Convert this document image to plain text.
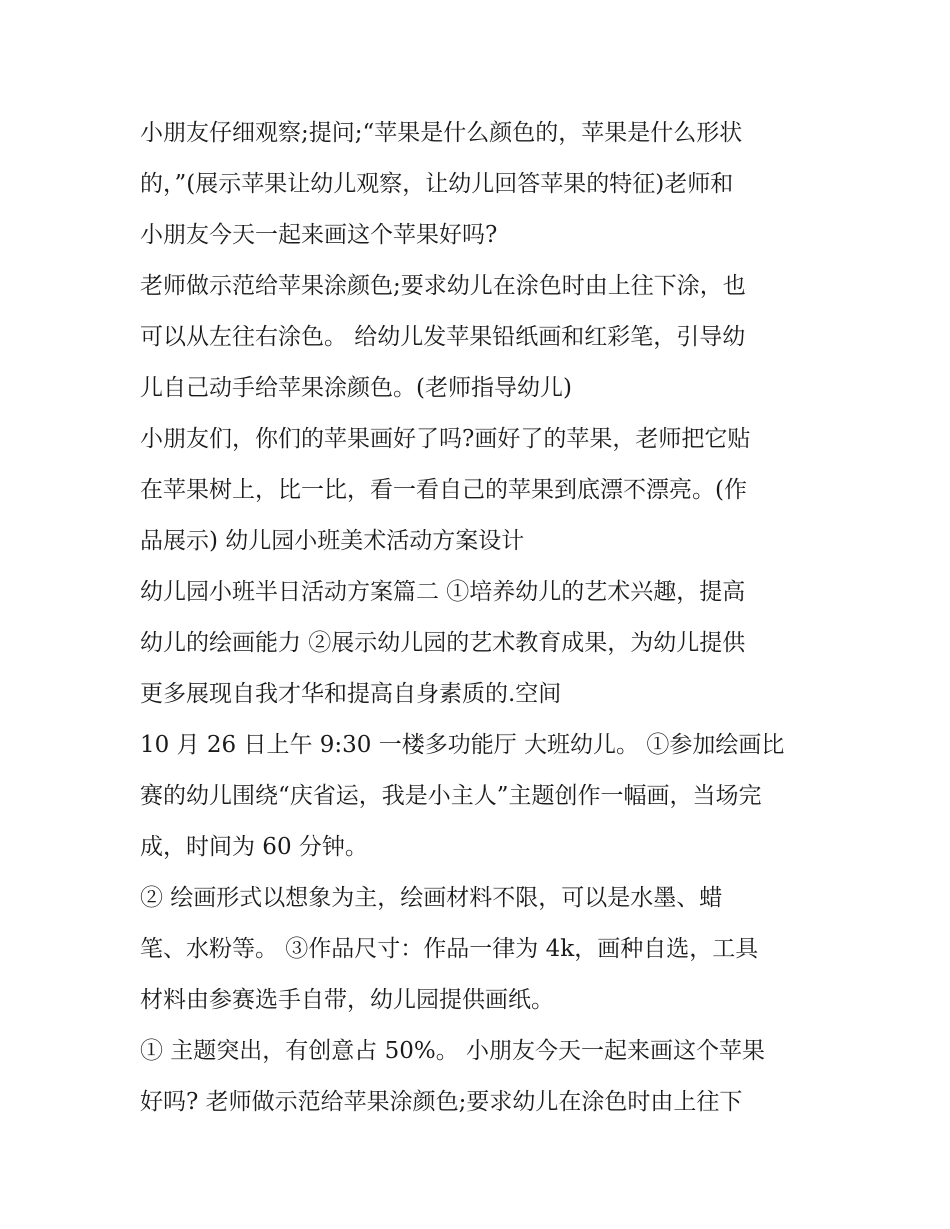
小朋友仔细观察;提问;“苹果是什么颜色的，苹果是什么形状
的，”(展示苹果让幼儿观察，让幼儿回答苹果的特征)老师和
小朋友今天一起来画这个苹果好吗?
老师做示范给苹果涂颜色;要求幼儿在涂色时由上往下涂，也
可以从左往右涂色。 给幼儿发苹果铅纸画和红彩笔，引导幼
儿自己动手给苹果涂颜色。(老师指导幼儿)
小朋友们，你们的苹果画好了吗?画好了的苹果，老师把它贴
在苹果树上，比一比，看一看自己的苹果到底漂不漂亮。(作
品展示) 幼儿园小班美术活动方案设计
幼儿园小班半日活动方案篇二 ①培养幼儿的艺术兴趣，提高
幼儿的绘画能力 ②展示幼儿园的艺术教育成果，为幼儿提供
更多展现自我才华和提高自身素质的.空间
10 月 26 日上午 9:30 一楼多功能厅 大班幼儿。 ①参加绘画比
赛的幼儿围绕“庆省运，我是小主人”主题创作一幅画，当场完
成，时间为 60 分钟。
② 绘画形式以想象为主，绘画材料不限，可以是水墨、蜡
笔、水粉等。 ③作品尺寸：作品一律为 4k，画种自选，工具
材料由参赛选手自带，幼儿园提供画纸。
① 主题突出，有创意占 50%。 小朋友今天一起来画这个苹果
好吗? 老师做示范给苹果涂颜色;要求幼儿在涂色时由上往下
